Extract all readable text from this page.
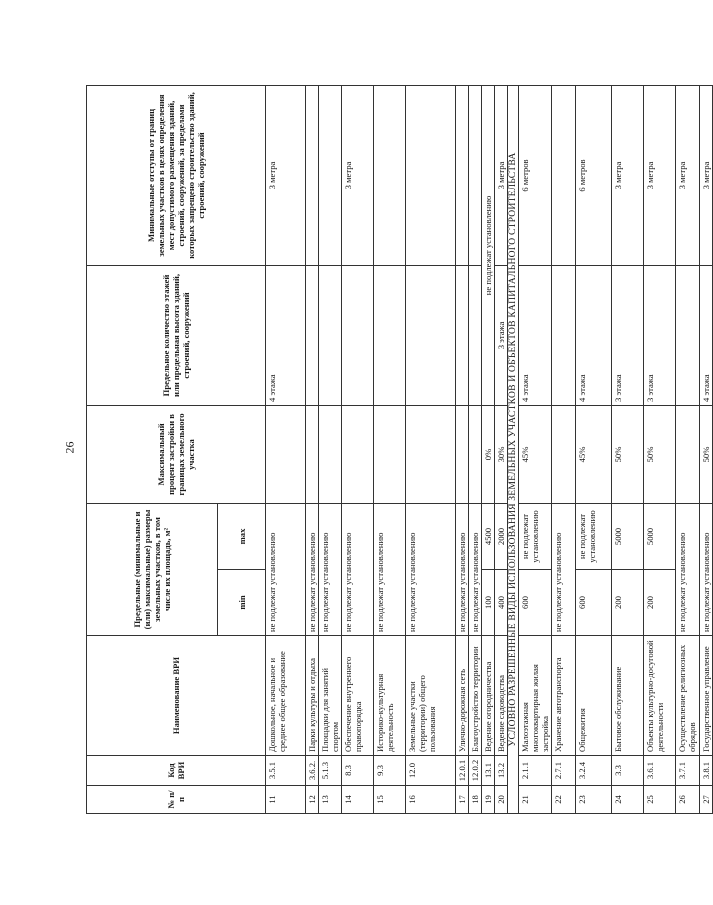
26
№ п/п	Код ВРИ	Наименование ВРИ	Предельные (минимальные и (или) максимальные) размеры земельных участков, в том числе их площадь, м²		Максимальный процент застройки в границах земельного участка	Предельное количество этажей или предельная высота зданий, строений, сооружений	Минимальные отступы от границ земельных участков в целях определения мест допустимого размещения зданий, строений, сооружений, за пределами которых запрещено строительство зданий, строений, сооружений
			min	max			
11	3.5.1	Дошкольное, начальное и среднее общее образование	не подлежат установлению			4 этажа	3 метра
12	3.6.2.	Парки культуры и отдыха	не подлежат установлению				
13	5.1.3	Площадки для занятий спортом	не подлежат установлению				
14	8.3	Обеспечение внутреннего правопорядка	не подлежат установлению				3 метра
15	9.3	Историко-культурная деятельность	не подлежат установлению				
16	12.0	Земельные участки (территории) общего пользования	не подлежат установлению				
17	12.0.1	Улично-дорожная сеть	не подлежат установлению				
18	12.0.2	Благоустройство территории	не подлежат установлению				
19	13.1	Ведение огородничества	100	4500	0%	не подлежат установлению	
20	13.2	Ведение садоводства	400	2000	30%	3 этажа	3 метра
УСЛОВНО РАЗРЕШЕННЫЕ ВИДЫ ИСПОЛЬЗОВАНИЯ ЗЕМЕЛЬНЫХ УЧАСТКОВ И ОБЪЕКТОВ КАПИТАЛЬНОГО СТРОИТЕЛЬСТВА							
21	2.1.1	Малоэтажная многоквартирная жилая застройка	600	не подлежат установлению	45%	4 этажа	6 метров
22	2.7.1	Хранение автотранспорта	не подлежат установлению				
23	3.2.4	Общежития	600	не подлежат установлению	45%	4 этажа	6 метров
24	3.3	Бытовое обслуживание	200	5000	50%	3 этажа	3 метра
25	3.6.1	Объекты культурно-досуговой деятельности	200	5000	50%	3 этажа	3 метра
26	3.7.1	Осуществление религиозных обрядов	не подлежат установлению				3 метра
27	3.8.1	Государственное управление	не подлежат установлению		50%	4 этажа	3 метра
